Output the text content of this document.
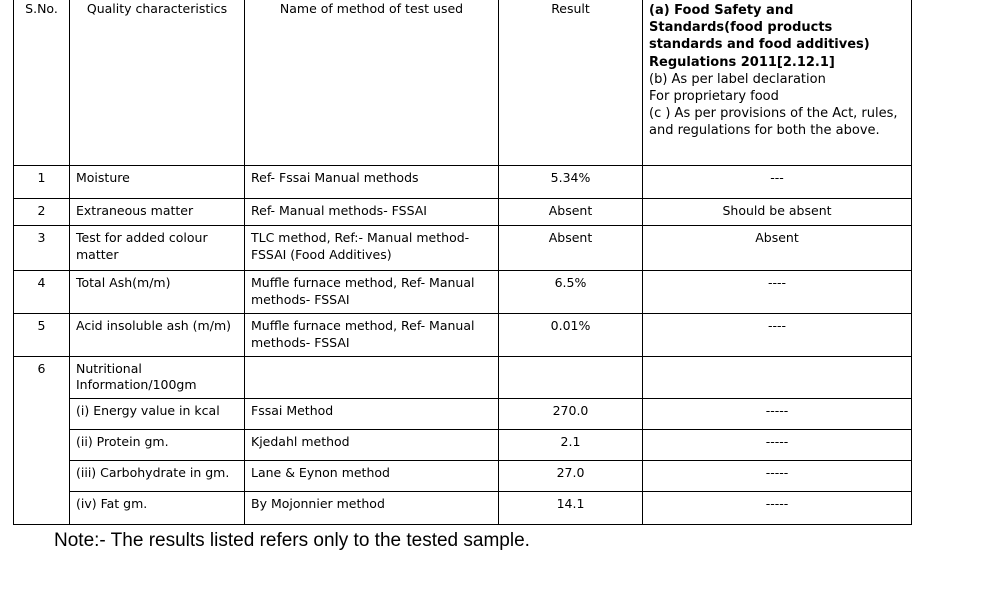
S.No.	Quality characteristics	Name of method of test used	Result	(a) Food Safety and Standards(food products standards and food additives) Regulations 2011[2.12.1]
(b) As per label declaration
For proprietary food
(c ) As per provisions of the Act, rules, and regulations for both the above.

1	Moisture	Ref- Fssai Manual methods	5.34%	---
2	Extraneous matter	Ref- Manual methods- FSSAI	Absent	Should be absent
3	Test for added colour matter	TLC method, Ref:- Manual method- FSSAI (Food Additives)	Absent	Absent
4	Total Ash(m/m)	Muffle furnace method, Ref- Manual methods- FSSAI	6.5%	----
5	Acid insoluble ash (m/m)	Muffle furnace method, Ref- Manual methods- FSSAI	0.01%	----
6	Nutritional Information/100gm			
	(i) Energy value in kcal	Fssai Method	270.0	-----
	(ii) Protein gm.	Kjedahl method	2.1	-----
	(iii) Carbohydrate in gm.	Lane & Eynon method	27.0	-----
	(iv) Fat gm.	By Mojonnier method	14.1	-----
Note:- The results listed refers only to the tested sample.
